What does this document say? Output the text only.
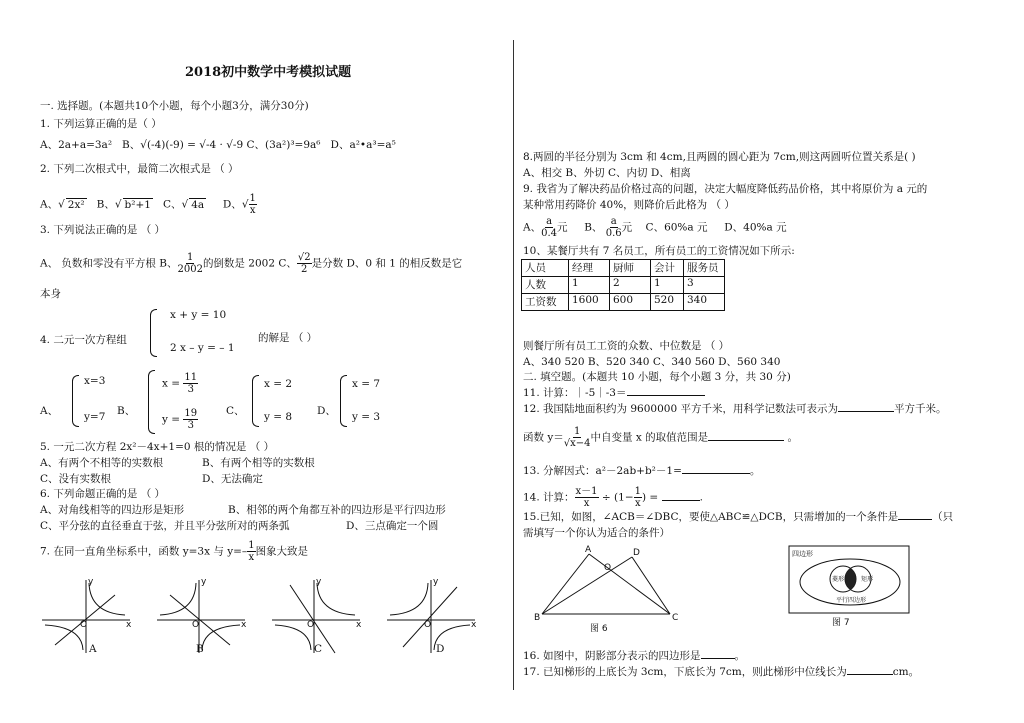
2018初中数学中考模拟试题
一. 选择题。(本题共10个小题，每个小题3分，满分30分)
1. 下列运算正确的是（ ）
A、2a+a=3a² B、√(-4)(-9) = √-4 · √-9 C、(3a²)³=9a⁶ D、a²•a³=a⁵
2. 下列二次根式中，最简二次根式是 （ ）
A、√ 2x² B、√ b²+1 C、√ 4a D、√ $\frac{1}{x}$
3. 下列说法正确的是 （ ）
A、 负数和零没有平方根 B、 $\frac{1}{2002}$ 的倒数是 2002 C、 $\frac{√2}{2}$ 是分数 D、0 和 1 的相反数是它
本身
4. 二元一次方程组
x + y = 10
2 x – y = – 1
的解是 （ ）
A、
x=3
y=7 B、
$x = \frac{11}{3}$
$y = \frac{19}{3}$	C、
x = 2
y = 8 D、
x = 7
y = 3
5. 一元二次方程 2x²－4x+1=0 根的情况是 （ ）
A、有两个不相等的实数根	B、有两个相等的实数根
C、没有实数根	D、无法确定
6. 下列命题正确的是 （ ）
A、对角线相等的四边形是矩形	B、相邻的两个角都互补的四边形是平行四边形
C、平分弦的直径垂直于弦，并且平分弦所对的两条弧	D、三点确定一个圆
7. 在同一直角坐标系中，函数 y=3x 与 $y=- \frac{1}{x}$ 图象大致是
y
x
O
A
y
x
O
B
y
x
O
C
y
x
O
D
8.两圆的半径分别为 3cm 和 4cm,且两圆的圆心距为 7cm,则这两圆听位置关系是( )
A、相交 B、外切 C、内切 D、相离
9. 我省为了解决药品价格过高的问题，决定大幅度降低药品价格，其中将原价为 a 元的
某种常用药降价 40%，则降价后此格为 （ ）
A、 $\frac{a}{0.4}$ 元 B、 $\frac{a}{0.6}$ 元 C、60%a 元 D、40%a 元
10、某餐厅共有 7 名员工，所有员工的工资情况如下所示:
人员	经理	厨师	会计	服务员
人数	1	2	1	3
工资数	1600	600	520	340
则餐厅所有员工工资的众数、中位数是 （ ）
A、340 520 B、520 340 C、340 560 D、560 340
二. 填空题。(本题共 10 小题，每个小题 3 分，共 30 分)
11. 计算：｜-5｜-3＝
12. 我国陆地面积约为 9600000 平方千米，用科学记数法可表示为	平方千米。
函数 $y= \frac{1}{√x-4}$ 中自变量 x 的取值范围是	。
13. 分解因式：a²－2ab+b²－1=	。
14. 计算： $\frac{x-1}{x} \div (1- \frac{1}{x}$ ) =	.
15.已知，如图，∠ACB＝∠DBC，要使△ABC≌△DCB，只需增加的一个条件是	（只
需填写一个你认为适合的条件）
A	D
O
B	C
图 6
四边形
菱形	矩形
平行四边形
图 7
16. 如图中，阴影部分表示的四边形是	。
17. 已知梯形的上底长为 3cm，下底长为 7cm，则此梯形中位线长为	cm。
